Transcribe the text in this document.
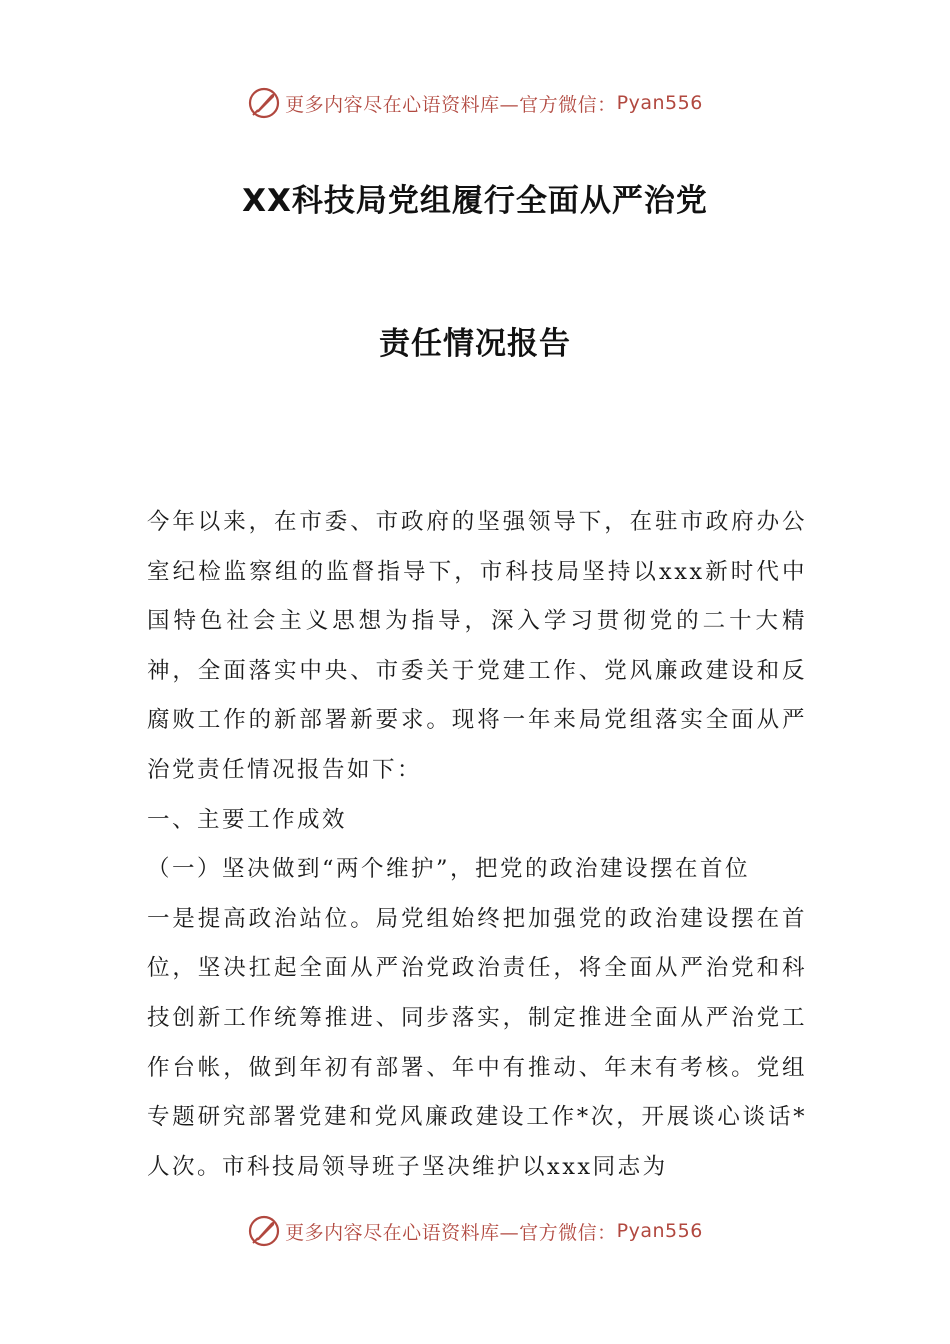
更多内容尽在心语资料库—官方微信： Pyan556
XX科技局党组履行全面从严治党
责任情况报告

今年以来，在市委、市政府的坚强领导下，在驻市政府办公室纪检监察组的监督指导下，市科技局坚持以xxx新时代中国特色社会主义思想为指导，深入学习贯彻党的二十大精神，全面落实中央、市委关于党建工作、党风廉政建设和反腐败工作的新部署新要求。现将一年来局党组落实全面从严治党责任情况报告如下：

一、主要工作成效

（一）坚决做到“两个维护”，把党的政治建设摆在首位

一是提高政治站位。局党组始终把加强党的政治建设摆在首位，坚决扛起全面从严治党政治责任，将全面从严治党和科技创新工作统筹推进、同步落实，制定推进全面从严治党工作台帐，做到年初有部署、年中有推动、年末有考核。党组专题研究部署党建和党风廉政建设工作*次，开展谈心谈话*人次。市科技局领导班子坚决维护以xxx同志为

更多内容尽在心语资料库—官方微信： Pyan556
